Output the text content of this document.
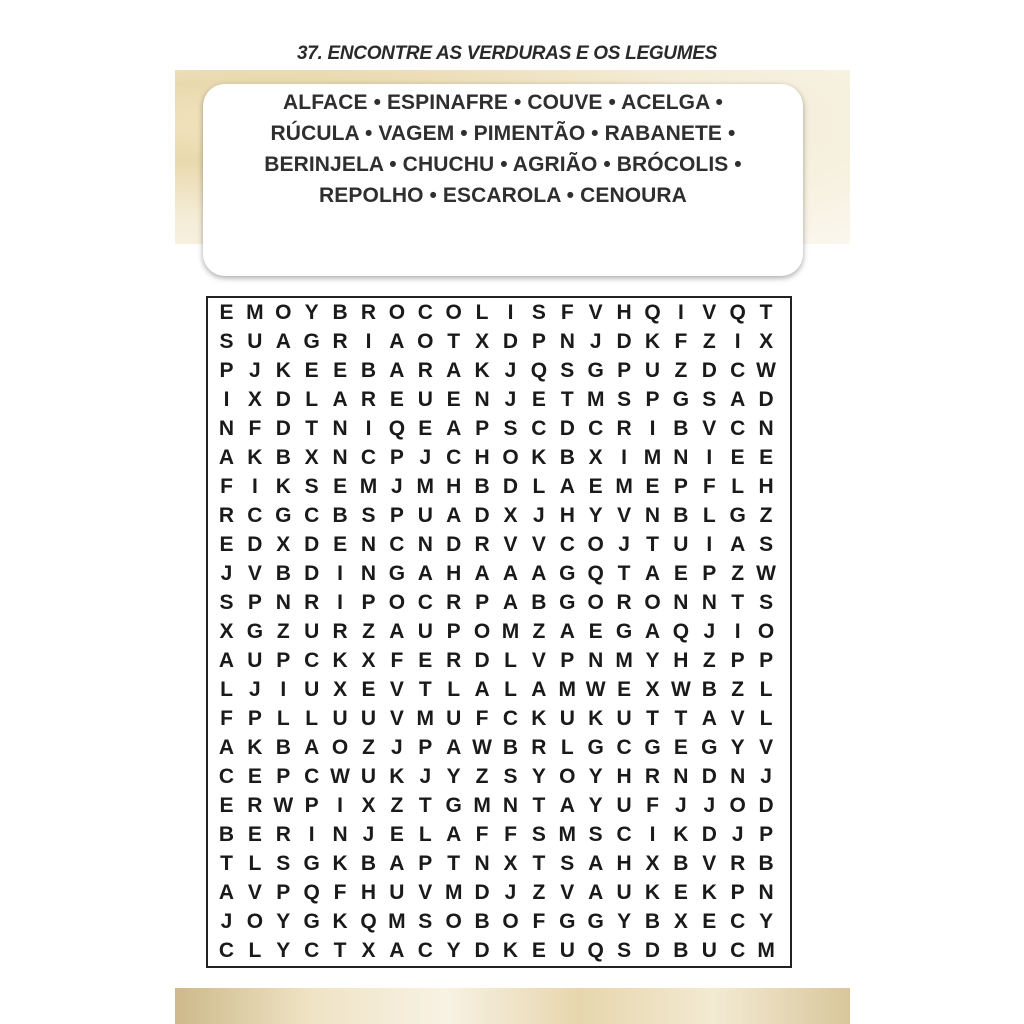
37. ENCONTRE AS VERDURAS E OS LEGUMES
ALFACE • ESPINAFRE • COUVE • ACELGA •
RÚCULA • VAGEM • PIMENTÃO • RABANETE •
BERINJELA • CHUCHU • AGRIÃO • BRÓCOLIS •
REPOLHO • ESCAROLA • CENOURA
E M O Y B R O C O L I S F V H Q I V Q T
S U A G R I A O T X D P N J D K F Z I X
P J K E E B A R A K J Q S G P U Z D C W
I X D L A R E U E N J E T M S P G S A D
N F D T N I Q E A P S C D C R I B V C N
A K B X N C P J C H O K B X I M N I E E
F I K S E M J M H B D L A E M E P F L H
R C G C B S P U A D X J H Y V N B L G Z
E D X D E N C N D R V V C O J T U I A S
J V B D I N G A H A A A G Q T A E P Z W
S P N R I P O C R P A B G O R O N N T S
X G Z U R Z A U P O M Z A E G A Q J I O
A U P C K X F E R D L V P N M Y H Z P P
L J I U X E V T L A L A M W E X W B Z L
F P L L U U V M U F C K U K U T T A V L
A K B A O Z J P A W B R L G C G E G Y V
C E P C W U K J Y Z S Y O Y H R N D N J
E R W P I X Z T G M N T A Y U F J J O D
B E R I N J E L A F F S M S C I K D J P
T L S G K B A P T N X T S A H X B V R B
A V P Q F H U V M D J Z V A U K E K P N
J O Y G K Q M S O B O F G G Y B X E C Y
C L Y C T X A C Y D K E U Q S D B U C M
